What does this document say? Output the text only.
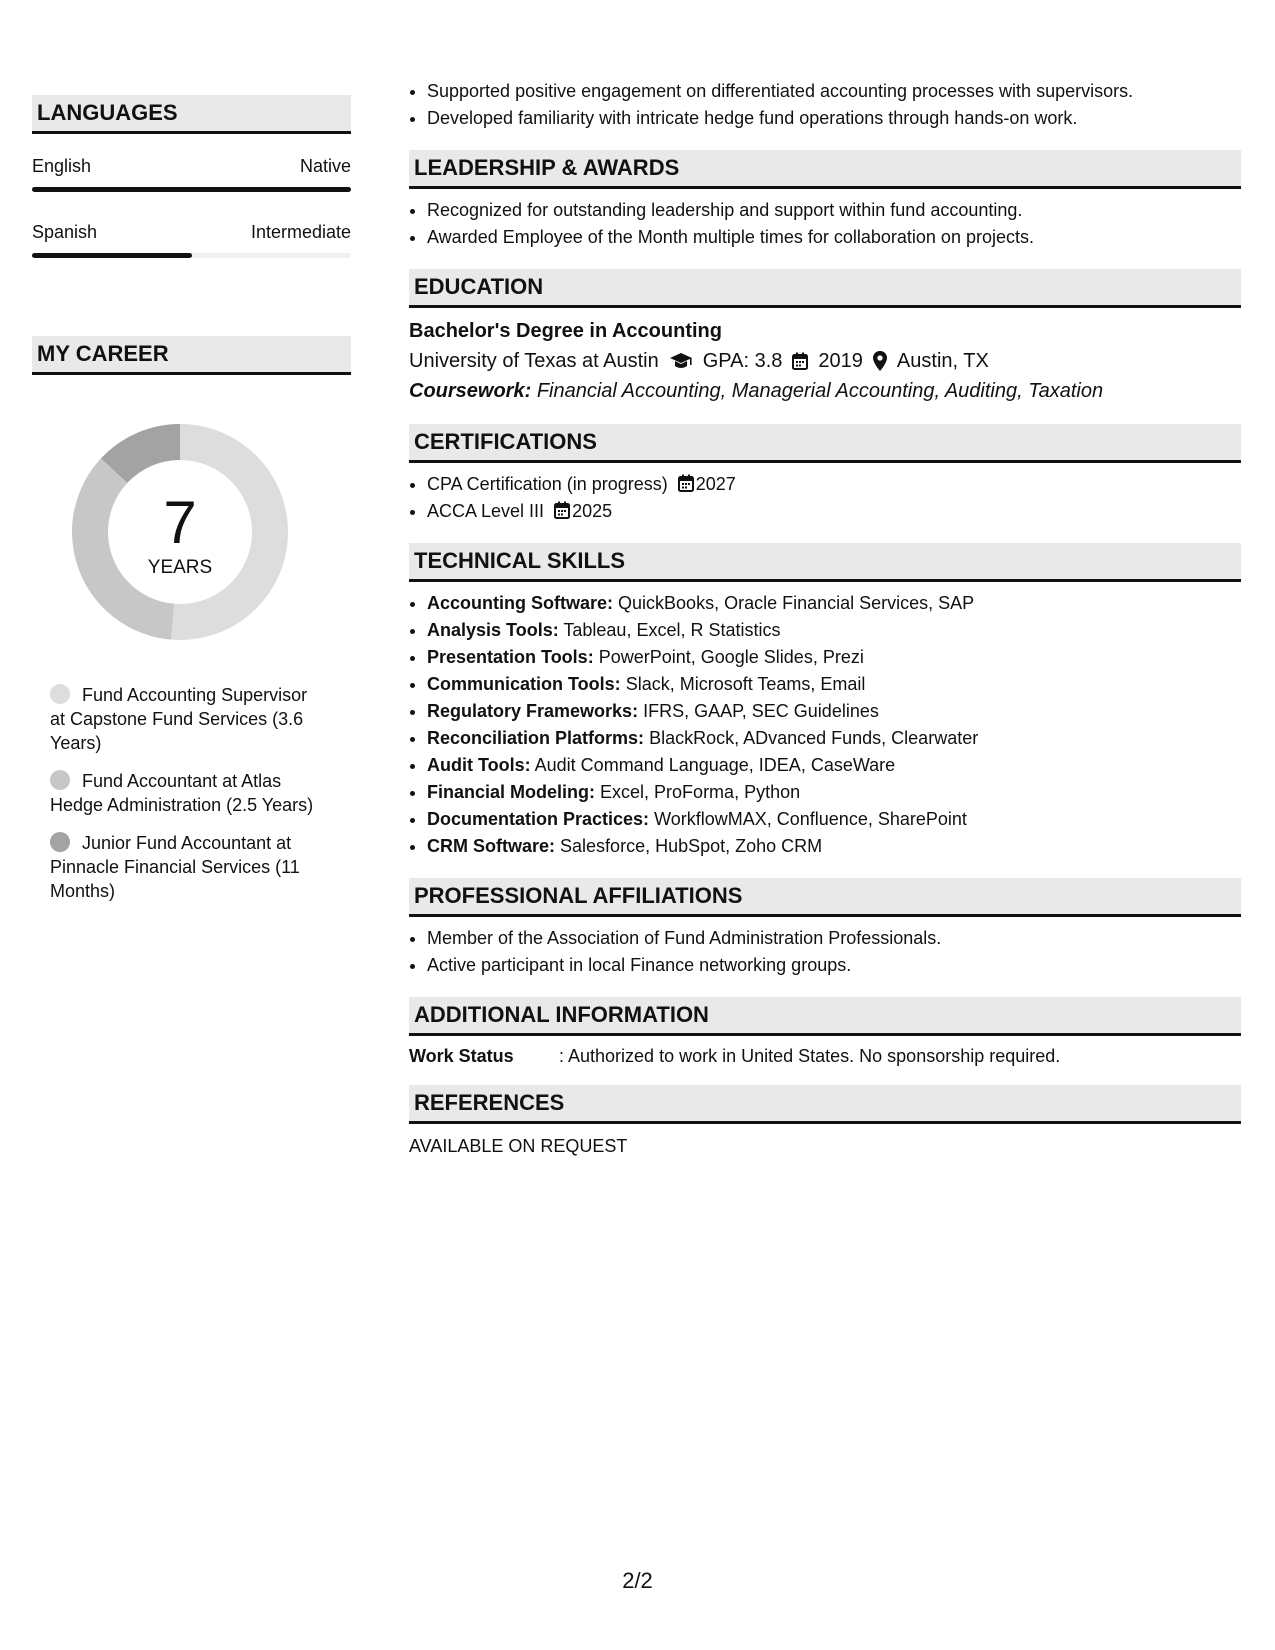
LANGUAGES
English	Native
Spanish	Intermediate
MY CAREER
7
YEARS
Fund Accounting Supervisor at Capstone Fund Services (3.6 Years)
Fund Accountant at Atlas Hedge Administration (2.5 Years)
Junior Fund Accountant at Pinnacle Financial Services (11 Months)
• Supported positive engagement on differentiated accounting processes with supervisors.
• Developed familiarity with intricate hedge fund operations through hands-on work.
LEADERSHIP & AWARDS
• Recognized for outstanding leadership and support within fund accounting.
• Awarded Employee of the Month multiple times for collaboration on projects.
EDUCATION
Bachelor's Degree in Accounting
University of Texas at Austin GPA: 3.8 2019 Austin, TX
Coursework: Financial Accounting, Managerial Accounting, Auditing, Taxation
CERTIFICATIONS
• CPA Certification (in progress) 2027
• ACCA Level III 2025
TECHNICAL SKILLS
• Accounting Software: QuickBooks, Oracle Financial Services, SAP
• Analysis Tools: Tableau, Excel, R Statistics
• Presentation Tools: PowerPoint, Google Slides, Prezi
• Communication Tools: Slack, Microsoft Teams, Email
• Regulatory Frameworks: IFRS, GAAP, SEC Guidelines
• Reconciliation Platforms: BlackRock, ADvanced Funds, Clearwater
• Audit Tools: Audit Command Language, IDEA, CaseWare
• Financial Modeling: Excel, ProForma, Python
• Documentation Practices: WorkflowMAX, Confluence, SharePoint
• CRM Software: Salesforce, HubSpot, Zoho CRM
PROFESSIONAL AFFILIATIONS
• Member of the Association of Fund Administration Professionals.
• Active participant in local Finance networking groups.
ADDITIONAL INFORMATION
Work Status	: Authorized to work in United States. No sponsorship required.
REFERENCES
AVAILABLE ON REQUEST
2/2
